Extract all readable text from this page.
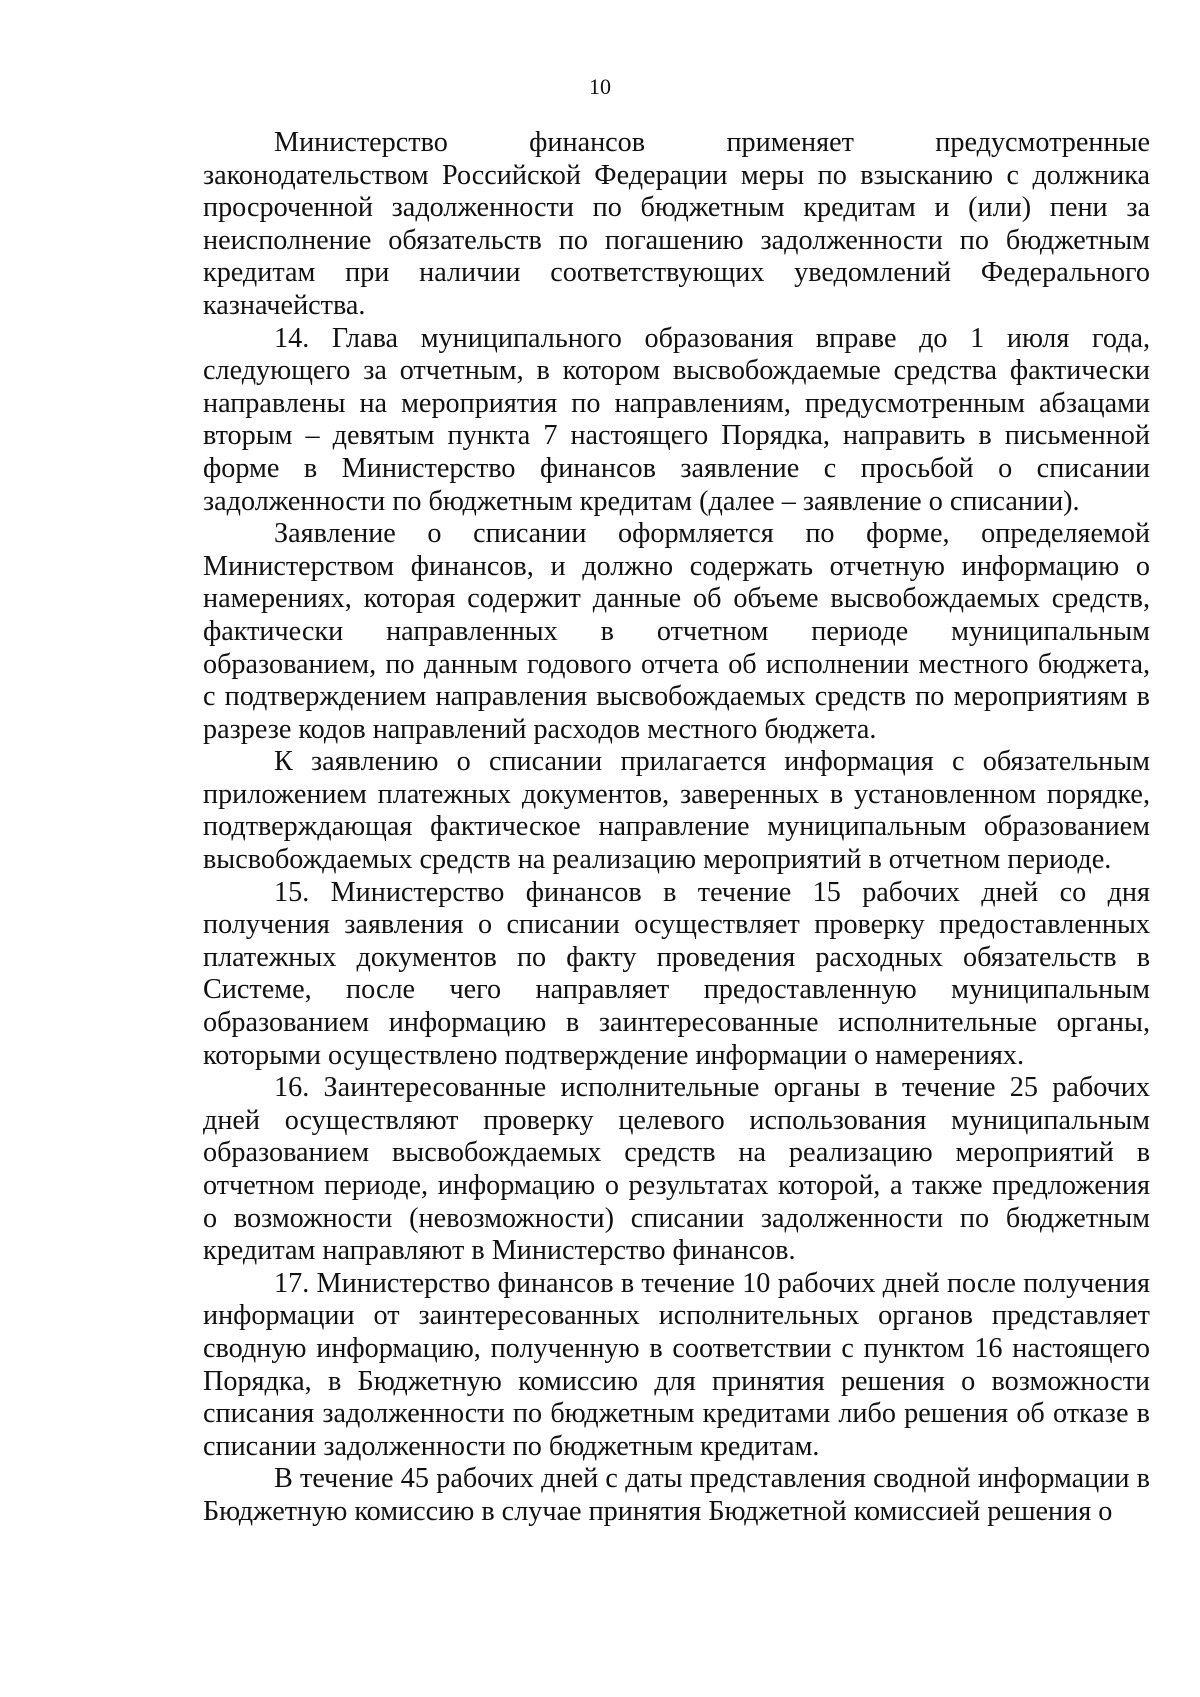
10

Министерство финансов применяет предусмотренные законодательством Российской Федерации меры по взысканию с должника просроченной задолженности по бюджетным кредитам и (или) пени за неисполнение обязательств по погашению задолженности по бюджетным кредитам при наличии соответствующих уведомлений Федерального казначейства.

14. Глава муниципального образования вправе до 1 июля года, следующего за отчетным, в котором высвобождаемые средства фактически направлены на мероприятия по направлениям, предусмотренным абзацами вторым – девятым пункта 7 настоящего Порядка, направить в письменной форме в Министерство финансов заявление с просьбой о списании задолженности по бюджетным кредитам (далее – заявление о списании).

Заявление о списании оформляется по форме, определяемой Министерством финансов, и должно содержать отчетную информацию о намерениях, которая содержит данные об объеме высвобождаемых средств, фактически направленных в отчетном периоде муниципальным образованием, по данным годового отчета об исполнении местного бюджета, с подтверждением направления высвобождаемых средств по мероприятиям в разрезе кодов направлений расходов местного бюджета.

К заявлению о списании прилагается информация с обязательным приложением платежных документов, заверенных в установленном порядке, подтверждающая фактическое направление муниципальным образованием высвобождаемых средств на реализацию мероприятий в отчетном периоде.

15. Министерство финансов в течение 15 рабочих дней со дня получения заявления о списании осуществляет проверку предоставленных платежных документов по факту проведения расходных обязательств в Системе, после чего направляет предоставленную муниципальным образованием информацию в заинтересованные исполнительные органы, которыми осуществлено подтверждение информации о намерениях.

16. Заинтересованные исполнительные органы в течение 25 рабочих дней осуществляют проверку целевого использования муниципальным образованием высвобождаемых средств на реализацию мероприятий в отчетном периоде, информацию о результатах которой, а также предложения о возможности (невозможности) списании задолженности по бюджетным кредитам направляют в Министерство финансов.

17. Министерство финансов в течение 10 рабочих дней после получения информации от заинтересованных исполнительных органов представляет сводную информацию, полученную в соответствии с пунктом 16 настоящего Порядка, в Бюджетную комиссию для принятия решения о возможности списания задолженности по бюджетным кредитами либо решения об отказе в списании задолженности по бюджетным кредитам.

В течение 45 рабочих дней с даты представления сводной информации в Бюджетную комиссию в случае принятия Бюджетной комиссией решения о
